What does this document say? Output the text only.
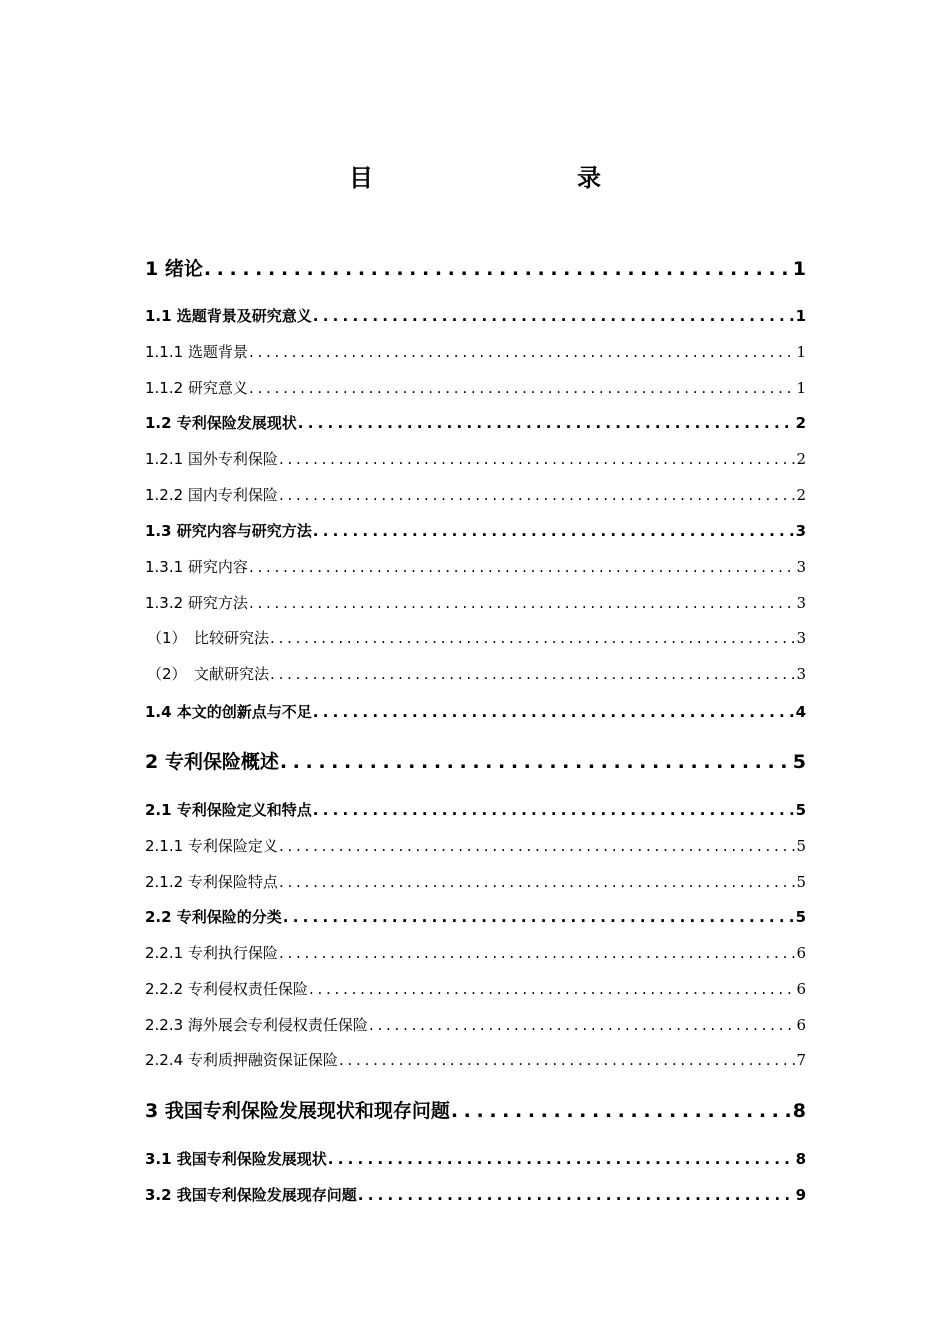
目　　录
1 绪论 . . .	1
1.1 选题背景及研究意义 . . .	1
1.1.1 选题背景 . . .	1
1.1.2 研究意义 . . .	1
1.2 专利保险发展现状 . . .	2
1.2.1 国外专利保险 . . .	2
1.2.2 国内专利保险 . . .	2
1.3 研究内容与研究方法 . . .	3
1.3.1 研究内容 . . .	3
1.3.2 研究方法 . . .	3
（1）　比较研究法 . . .	3
（2）　文献研究法 . . .	3
1.4 本文的创新点与不足 . . .	4
2 专利保险概述 . . .	5
2.1 专利保险定义和特点 . . .	5
2.1.1 专利保险定义 . . .	5
2.1.2 专利保险特点 . . .	5
2.2 专利保险的分类 . . .	5
2.2.1 专利执行保险 . . .	6
2.2.2 专利侵权责任保险 . . .	6
2.2.3 海外展会专利侵权责任保险 . . .	6
2.2.4 专利质押融资保证保险 . . .	7
3 我国专利保险发展现状和现存问题 . . .	8
3.1 我国专利保险发展现状 . . .	8
3.2 我国专利保险发展现存问题 . . .	9
